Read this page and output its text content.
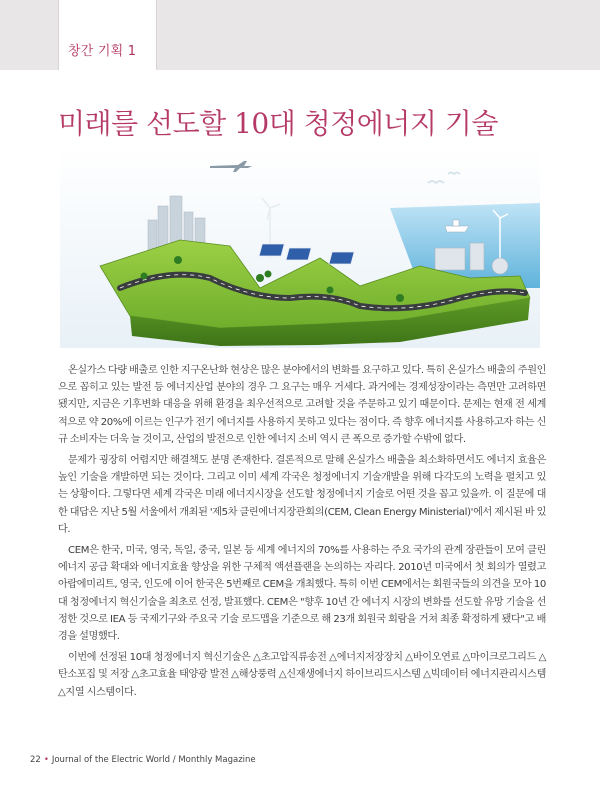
창간 기획 1
미래를 선도할 10대 청정에너지 기술

온실가스 다량 배출로 인한 지구온난화 현상은 많은 분야에서의 변화를 요구하고 있다. 특히 온실가스 배출의 주원인으로 꼽히고 있는 발전 등 에너지산업 분야의 경우 그 요구는 매우 거세다. 과거에는 경제성장이라는 측면만 고려하면 됐지만, 지금은 기후변화 대응을 위해 환경을 최우선적으로 고려할 것을 주문하고 있기 때문이다. 문제는 현재 전 세계적으로 약 20%에 이르는 인구가 전기 에너지를 사용하지 못하고 있다는 점이다. 즉 향후 에너지를 사용하고자 하는 신규 소비자는 더욱 늘 것이고, 산업의 발전으로 인한 에너지 소비 역시 큰 폭으로 증가할 수밖에 없다.

문제가 굉장히 어렵지만 해결책도 분명 존재한다. 결론적으로 말해 온실가스 배출을 최소화하면서도 에너지 효율은 높인 기술을 개발하면 되는 것이다. 그리고 이미 세계 각국은 청정에너지 기술개발을 위해 다각도의 노력을 펼치고 있는 상황이다. 그렇다면 세계 각국은 미래 에너지시장을 선도할 청정에너지 기술로 어떤 것을 꼽고 있을까. 이 질문에 대한 대답은 지난 5월 서울에서 개최된 '제5차 클린에너지장관회의(CEM, Clean Energy Ministerial)'에서 제시된 바 있다.

CEM은 한국, 미국, 영국, 독일, 중국, 일본 등 세계 에너지의 70%를 사용하는 주요 국가의 관계 장관들이 모여 클린에너지 공급 확대와 에너지효율 향상을 위한 구체적 액션플랜을 논의하는 자리다. 2010년 미국에서 첫 회의가 열렸고 아랍에미리트, 영국, 인도에 이어 한국은 5번째로 CEM을 개최했다. 특히 이번 CEM에서는 회원국들의 의견을 모아 10대 청정에너지 혁신기술을 최초로 선정, 발표했다. CEM은 "향후 10년 간 에너지 시장의 변화를 선도할 유망 기술을 선정한 것으로 IEA 등 국제기구와 주요국 기술 로드맵을 기준으로 해 23개 회원국 회람을 거쳐 최종 확정하게 됐다"고 배경을 설명했다.

이번에 선정된 10대 청정에너지 혁신기술은 △초고압직류송전 △에너지저장장치 △바이오연료 △마이크로그리드 △탄소포집 및 저장 △초고효율 태양광 발전 △해상풍력 △신재생에너지 하이브리드시스템 △빅데이터 에너지관리시스템 △지열 시스템이다.

22 • Journal of the Electric World / Monthly Magazine
